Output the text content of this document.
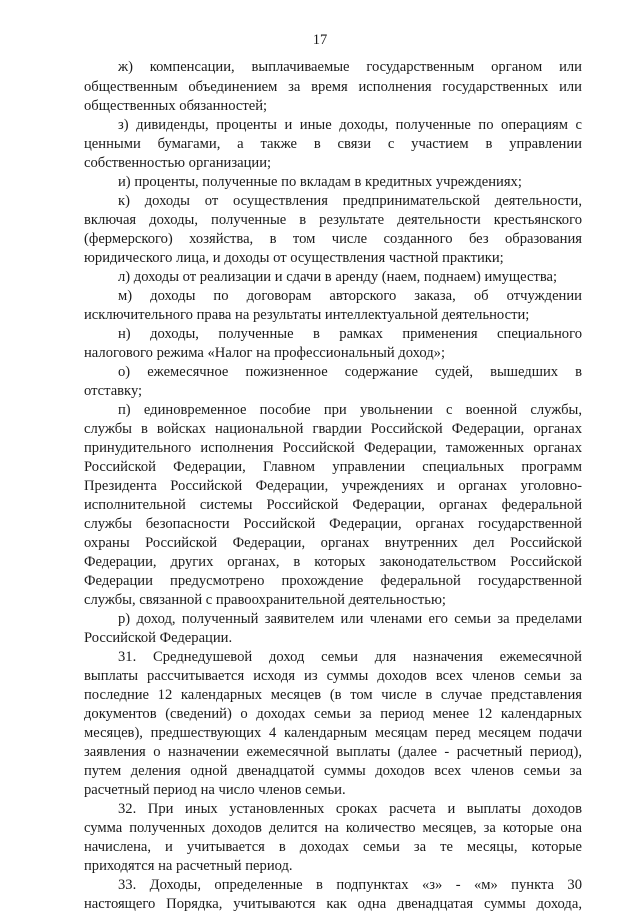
17
ж) компенсации, выплачиваемые государственным органом или
общественным объединением за время исполнения государственных или
общественных обязанностей;
з) дивиденды, проценты и иные доходы, полученные по операциям с
ценными бумагами, а также в связи с участием в управлении
собственностью организации;
и) проценты, полученные по вкладам в кредитных учреждениях;
к) доходы от осуществления предпринимательской деятельности,
включая доходы, полученные в результате деятельности крестьянского
(фермерского) хозяйства, в том числе созданного без образования
юридического лица, и доходы от осуществления частной практики;
л) доходы от реализации и сдачи в аренду (наем, поднаем) имущества;
м) доходы по договорам авторского заказа, об отчуждении
исключительного права на результаты интеллектуальной деятельности;
н) доходы, полученные в рамках применения специального
налогового режима «Налог на профессиональный доход»;
о) ежемесячное пожизненное содержание судей, вышедших в
отставку;
п) единовременное пособие при увольнении с военной службы,
службы в войсках национальной гвардии Российской Федерации, органах
принудительного исполнения Российской Федерации, таможенных органах
Российской Федерации, Главном управлении специальных программ
Президента Российской Федерации, учреждениях и органах уголовно-
исполнительной системы Российской Федерации, органах федеральной
службы безопасности Российской Федерации, органах государственной
охраны Российской Федерации, органах внутренних дел Российской
Федерации, других органах, в которых законодательством Российской
Федерации предусмотрено прохождение федеральной государственной
службы, связанной с правоохранительной деятельностью;
р) доход, полученный заявителем или членами его семьи за пределами
Российской Федерации.
31. Среднедушевой доход семьи для назначения ежемесячной
выплаты рассчитывается исходя из суммы доходов всех членов семьи за
последние 12 календарных месяцев (в том числе в случае представления
документов (сведений) о доходах семьи за период менее 12 календарных
месяцев), предшествующих 4 календарным месяцам перед месяцем подачи
заявления о назначении ежемесячной выплаты (далее - расчетный период),
путем деления одной двенадцатой суммы доходов всех членов семьи за
расчетный период на число членов семьи.
32. При иных установленных сроках расчета и выплаты доходов
сумма полученных доходов делится на количество месяцев, за которые она
начислена, и учитывается в доходах семьи за те месяцы, которые
приходятся на расчетный период.
33. Доходы, определенные в подпунктах «з» - «м» пункта 30
настоящего Порядка, учитываются как одна двенадцатая суммы дохода,
